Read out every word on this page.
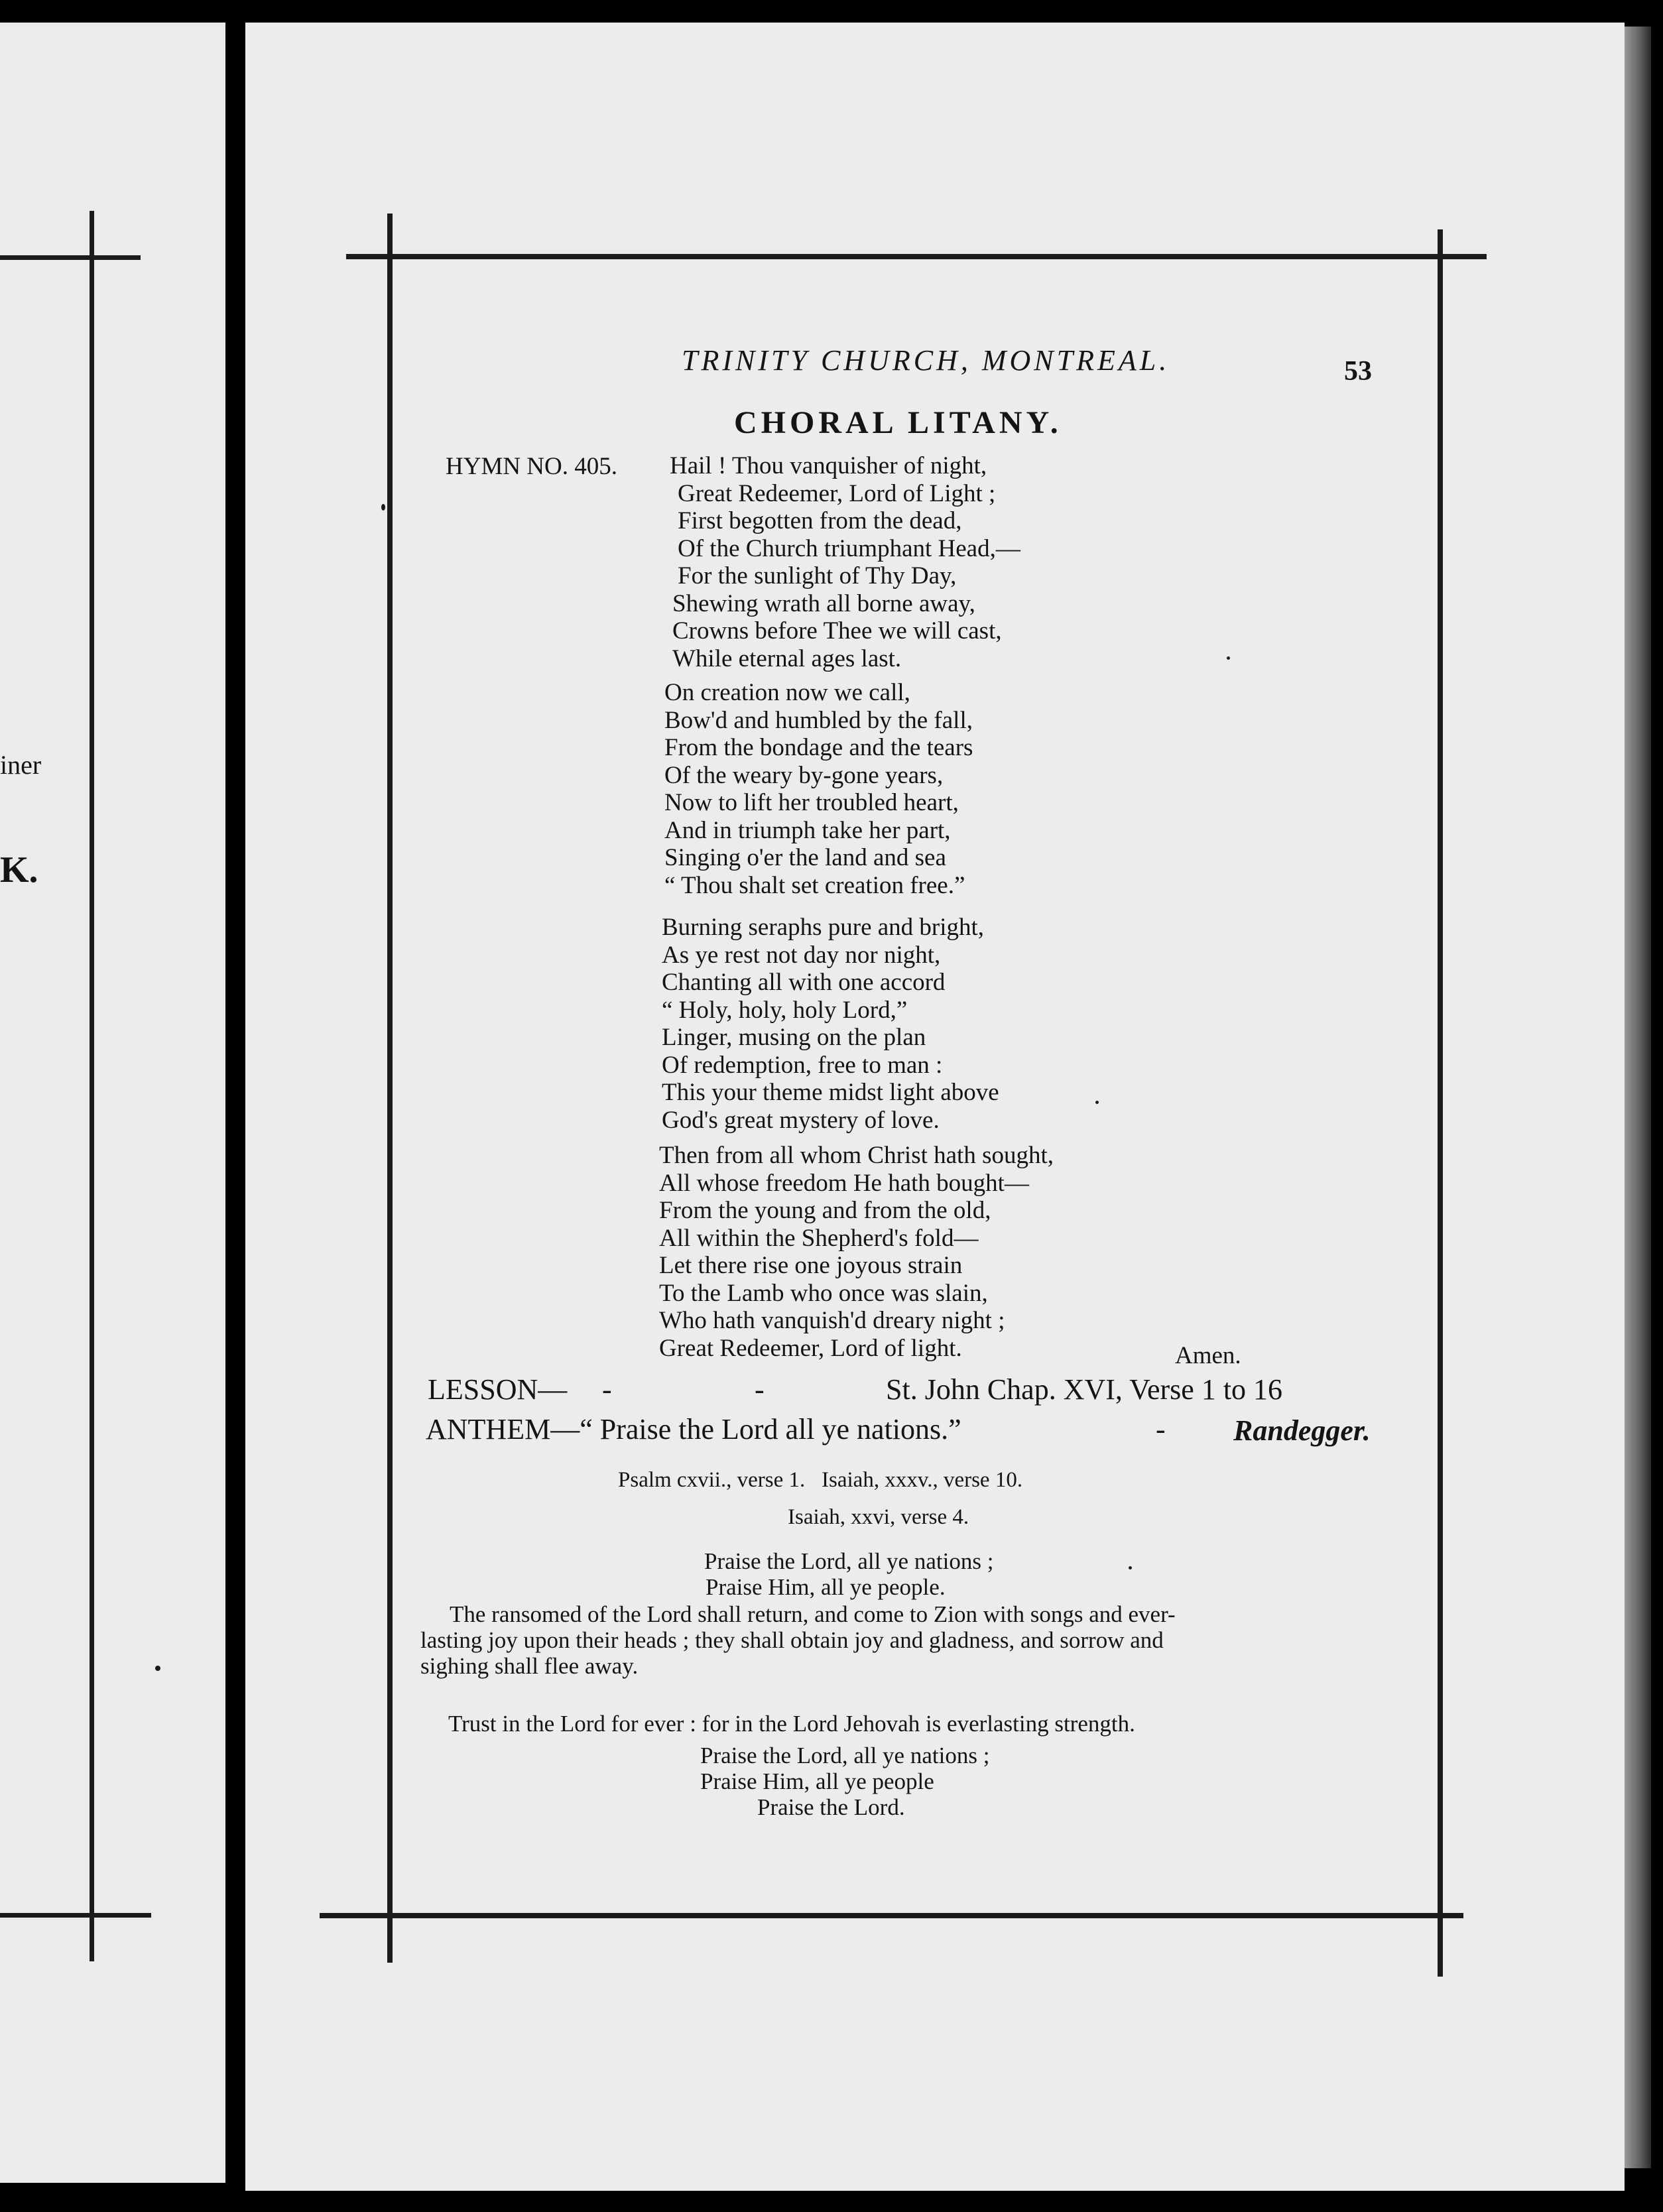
iner
K.
TRINITY CHURCH, MONTREAL.	53
CHORAL LITANY.
HYMN NO. 405. Hail ! Thou vanquisher of night,
Great Redeemer, Lord of Light ;
First begotten from the dead,
Of the Church triumphant Head,—
For the sunlight of Thy Day,
Shewing wrath all borne away,
Crowns before Thee we will cast,
While eternal ages last.
On creation now we call,
Bow'd and humbled by the fall,
From the bondage and the tears
Of the weary by-gone years,
Now to lift her troubled heart,
And in triumph take her part,
Singing o'er the land and sea
“ Thou shalt set creation free.”
Burning seraphs pure and bright,
As ye rest not day nor night,
Chanting all with one accord
“ Holy, holy, holy Lord,”
Linger, musing on the plan
Of redemption, free to man :
This your theme midst light above
God's great mystery of love.
Then from all whom Christ hath sought,
All whose freedom He hath bought—
From the young and from the old,
All within the Shepherd's fold—
Let there rise one joyous strain
To the Lamb who once was slain,
Who hath vanquish'd dreary night ;
Great Redeemer, Lord of light.	Amen.
LESSON— -	-	St. John Chap. XVI, Verse 1 to 16
ANTHEM—“ Praise the Lord all ye nations.”	- Randegger.
Psalm cxvii., verse 1.   Isaiah, xxxv., verse 10.
Isaiah, xxvi, verse 4.
Praise the Lord, all ye nations ;
Praise Him, all ye people.
The ransomed of the Lord shall return, and come to Zion with songs and ever-
lasting joy upon their heads ; they shall obtain joy and gladness, and sorrow and
sighing shall flee away.
Trust in the Lord for ever : for in the Lord Jehovah is everlasting strength.
Praise the Lord, all ye nations ;
Praise Him, all ye people
Praise the Lord.
